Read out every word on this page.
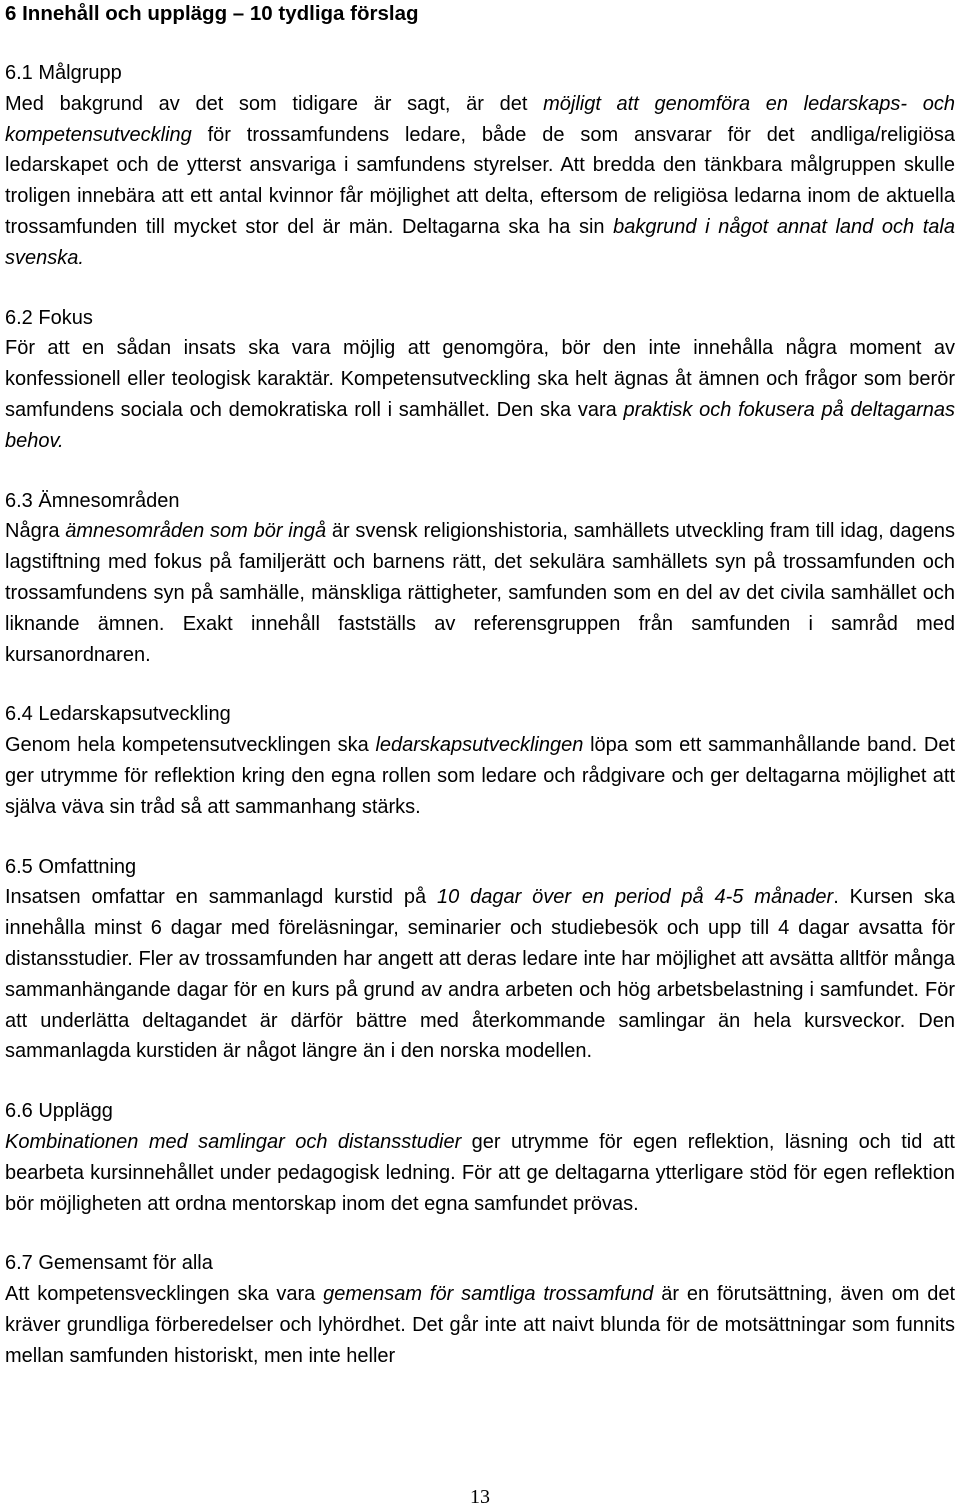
6 Innehåll och upplägg – 10 tydliga förslag
6.1 Målgrupp

Med bakgrund av det som tidigare är sagt, är det möjligt att genomföra en ledarskaps- och kompetensutveckling för trossamfundens ledare, både de som ansvarar för det andliga/religiösa ledarskapet och de ytterst ansvariga i samfundens styrelser. Att bredda den tänkbara målgruppen skulle troligen innebära att ett antal kvinnor får möjlighet att delta, eftersom de religiösa ledarna inom de aktuella trossamfunden till mycket stor del är män. Deltagarna ska ha sin bakgrund i något annat land och tala svenska.

6.2 Fokus

För att en sådan insats ska vara möjlig att genomgöra, bör den inte innehålla några moment av konfessionell eller teologisk karaktär. Kompetensutveckling ska helt ägnas åt ämnen och frågor som berör samfundens sociala och demokratiska roll i samhället. Den ska vara praktisk och fokusera på deltagarnas behov.

6.3 Ämnesområden

Några ämnesområden som bör ingå är svensk religionshistoria, samhällets utveckling fram till idag, dagens lagstiftning med fokus på familjerätt och barnens rätt, det sekulära samhällets syn på trossamfunden och trossamfundens syn på samhälle, mänskliga rättigheter, samfunden som en del av det civila samhället och liknande ämnen. Exakt innehåll fastställs av referensgruppen från samfunden i samråd med kursanordnaren.

6.4 Ledarskapsutveckling

Genom hela kompetensutvecklingen ska ledarskapsutvecklingen löpa som ett sammanhållande band. Det ger utrymme för reflektion kring den egna rollen som ledare och rådgivare och ger deltagarna möjlighet att själva väva sin tråd så att sammanhang stärks.

6.5 Omfattning

Insatsen omfattar en sammanlagd kurstid på 10 dagar över en period på 4-5 månader. Kursen ska innehålla minst 6 dagar med föreläsningar, seminarier och studiebesök och upp till 4 dagar avsatta för distansstudier. Fler av trossamfunden har angett att deras ledare inte har möjlighet att avsätta alltför många sammanhängande dagar för en kurs på grund av andra arbeten och hög arbetsbelastning i samfundet. För att underlätta deltagandet är därför bättre med återkommande samlingar än hela kursveckor. Den sammanlagda kurstiden är något längre än i den norska modellen.

6.6 Upplägg

Kombinationen med samlingar och distansstudier ger utrymme för egen reflektion, läsning och tid att bearbeta kursinnehållet under pedagogisk ledning. För att ge deltagarna ytterligare stöd för egen reflektion bör möjligheten att ordna mentorskap inom det egna samfundet prövas.

6.7 Gemensamt för alla

Att kompetensvecklingen ska vara gemensam för samtliga trossamfund är en förutsättning, även om det kräver grundliga förberedelser och lyhördhet. Det går inte att naivt blunda för de motsättningar som funnits mellan samfunden historiskt, men inte heller

13
